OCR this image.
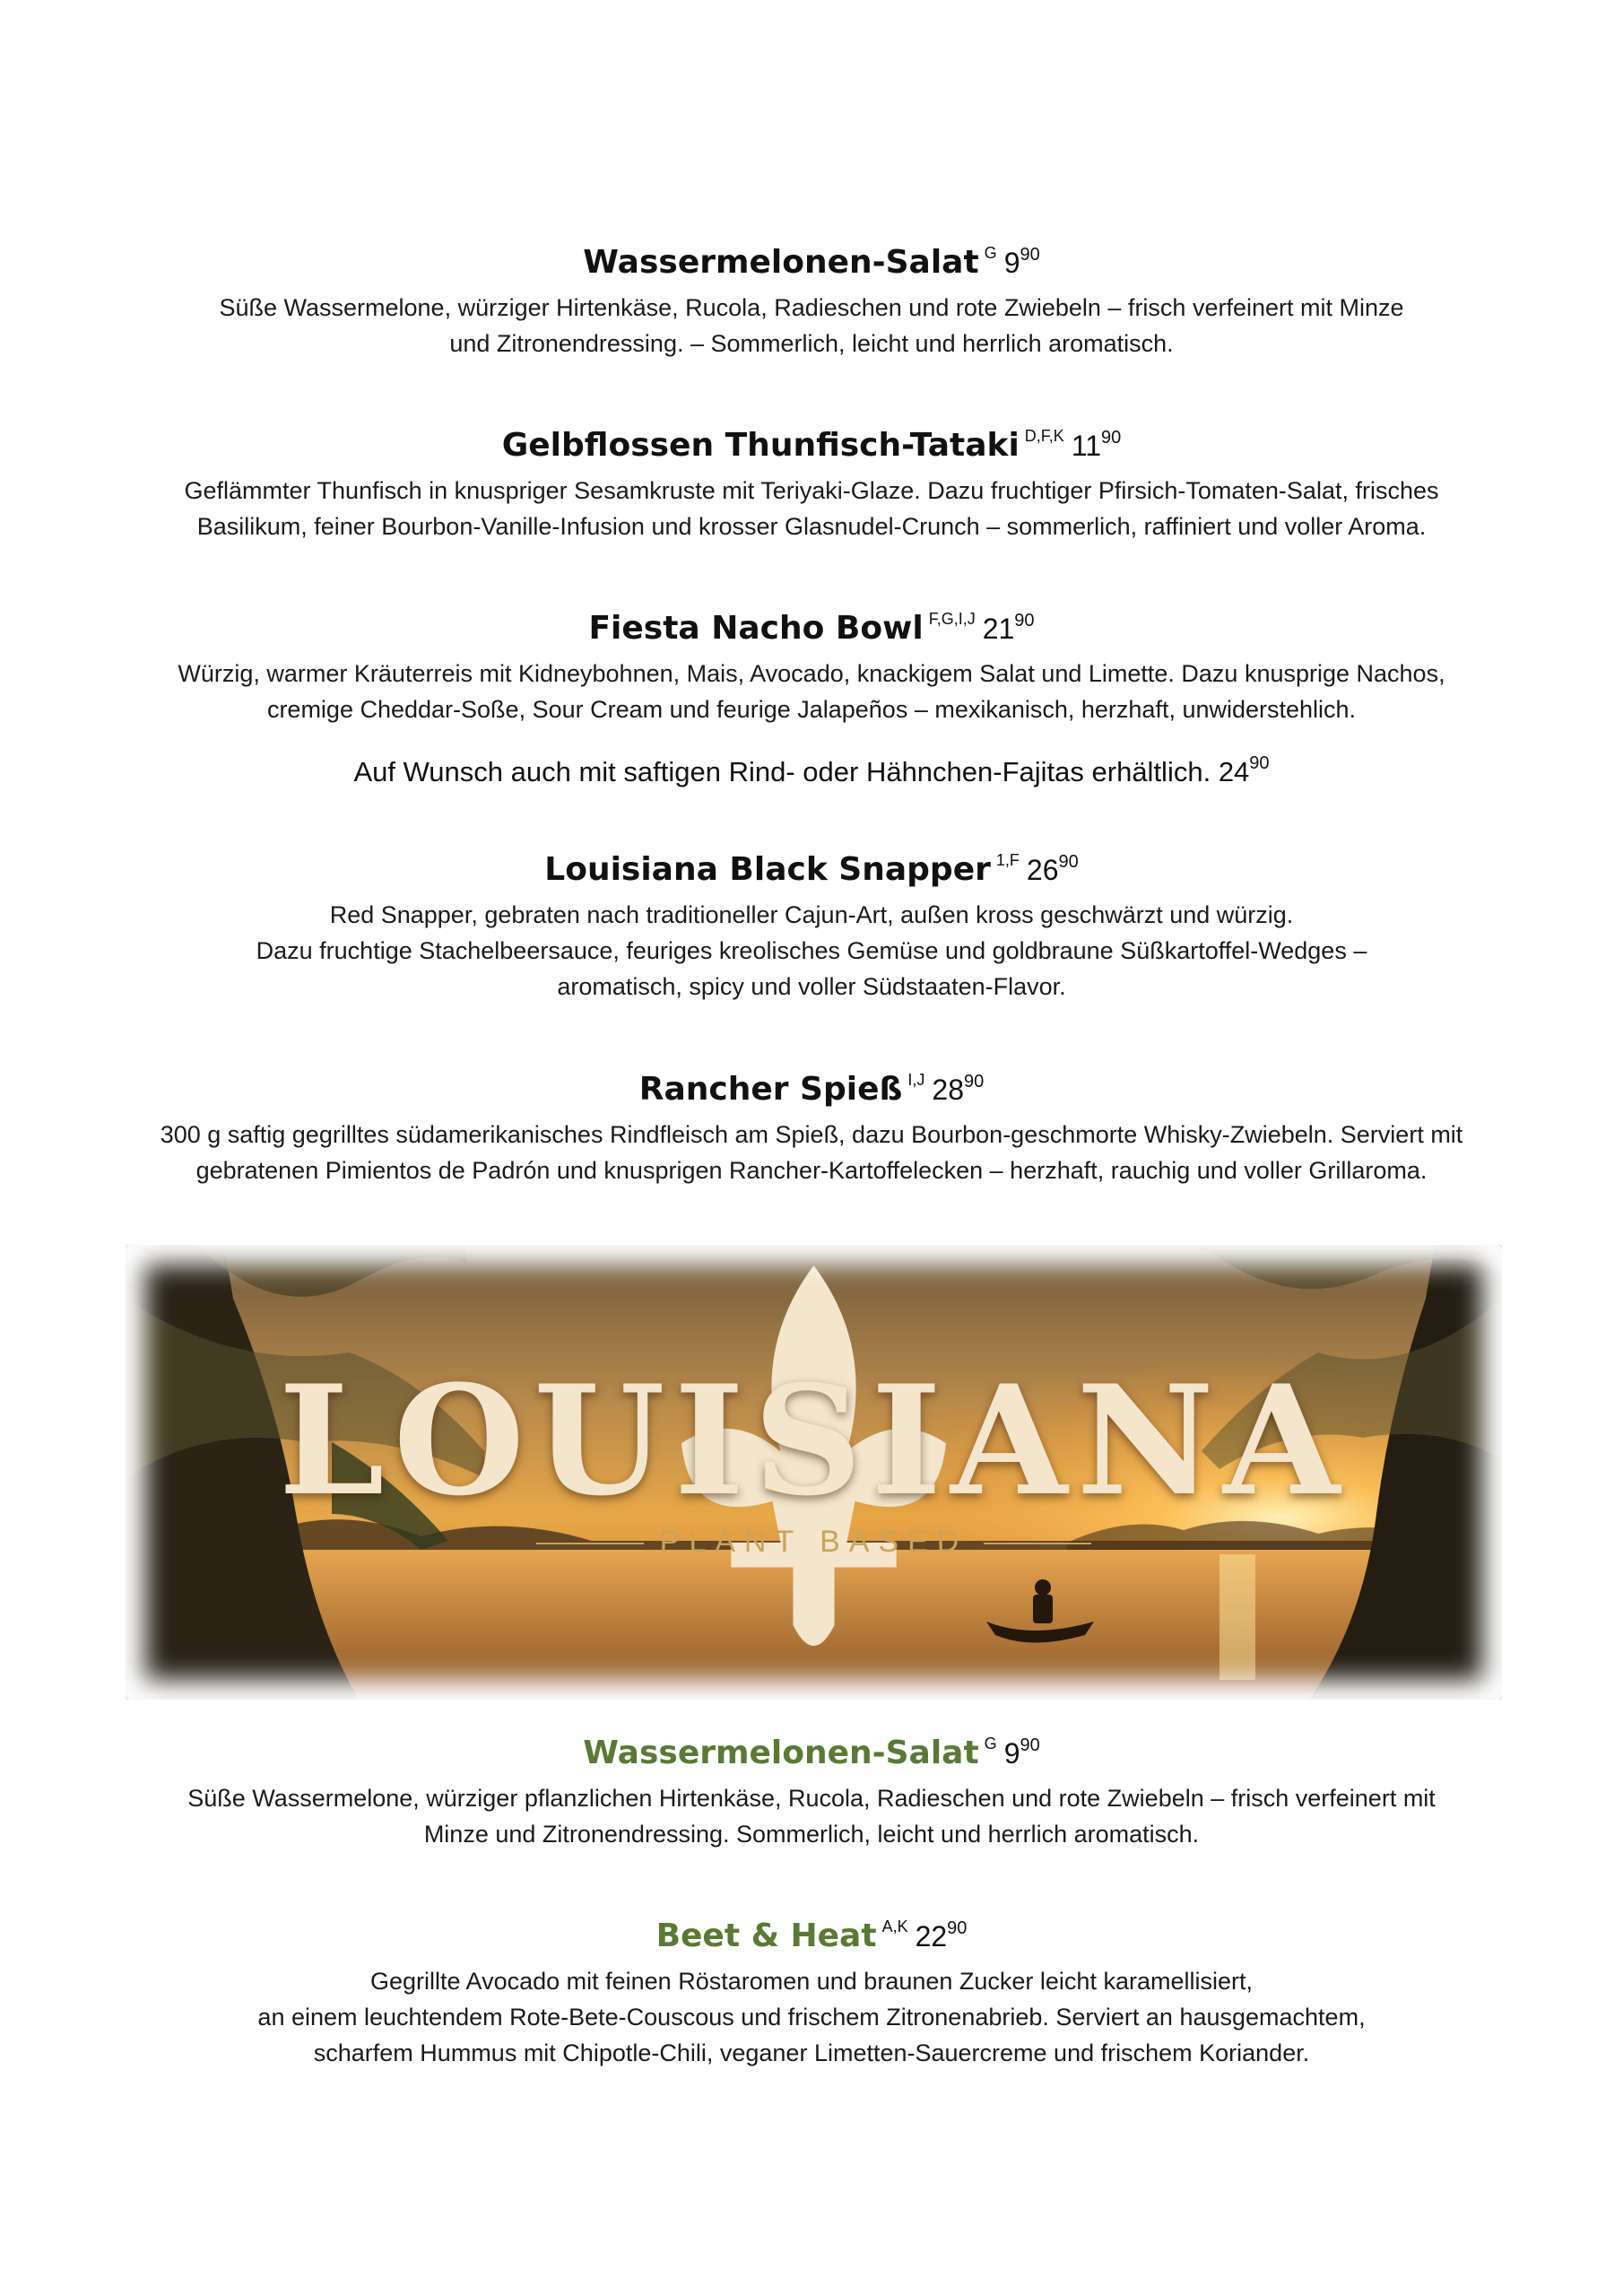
Wassermelonen-Salat $^G$ $9^{90}$
Süße Wassermelone, würziger Hirtenkäse, Rucola, Radieschen und rote Zwiebeln – frisch verfeinert mit Minze
und Zitronendressing. – Sommerlich, leicht und herrlich aromatisch.
Gelbflossen Thunfisch-Tataki $^{D,F,K}$ $11^{90}$
Geflämmter Thunfisch in knuspriger Sesamkruste mit Teriyaki-Glaze. Dazu fruchtiger Pfirsich-Tomaten-Salat, frisches
Basilikum, feiner Bourbon-Vanille-Infusion und krosser Glasnudel-Crunch – sommerlich, raffiniert und voller Aroma.
Fiesta Nacho Bowl $^{F,G,I,J}$ $21^{90}$
Würzig, warmer Kräuterreis mit Kidneybohnen, Mais, Avocado, knackigem Salat und Limette. Dazu knusprige Nachos,
cremige Cheddar-Soße, Sour Cream und feurige Jalapeños – mexikanisch, herzhaft, unwiderstehlich.
Auf Wunsch auch mit saftigen Rind- oder Hähnchen-Fajitas erhältlich. $24^{90}$
Louisiana Black Snapper $^{1,F}$ $26^{90}$
Red Snapper, gebraten nach traditioneller Cajun-Art, außen kross geschwärzt und würzig.
Dazu fruchtige Stachelbeersauce, feuriges kreolisches Gemüse und goldbraune Süßkartoffel-Wedges –
aromatisch, spicy und voller Südstaaten-Flavor.
Rancher Spieß $^{I,J}$ $28^{90}$
300 g saftig gegrilltes südamerikanisches Rindfleisch am Spieß, dazu Bourbon-geschmorte Whisky-Zwiebeln. Serviert mit
gebratenen Pimientos de Padrón und knusprigen Rancher-Kartoffelecken – herzhaft, rauchig und voller Grillaroma.
LOUISIANA
PLANT BASED
Wassermelonen-Salat $^G$ $9^{90}$
Süße Wassermelone, würziger pflanzlichen Hirtenkäse, Rucola, Radieschen und rote Zwiebeln – frisch verfeinert mit
Minze und Zitronendressing. Sommerlich, leicht und herrlich aromatisch.
Beet & Heat $^{A,K}$ $22^{90}$
Gegrillte Avocado mit feinen Röstaromen und braunen Zucker leicht karamellisiert,
an einem leuchtendem Rote-Bete-Couscous und frischem Zitronenabrieb. Serviert an hausgemachtem,
scharfem Hummus mit Chipotle-Chili, veganer Limetten-Sauercreme und frischem Koriander.
